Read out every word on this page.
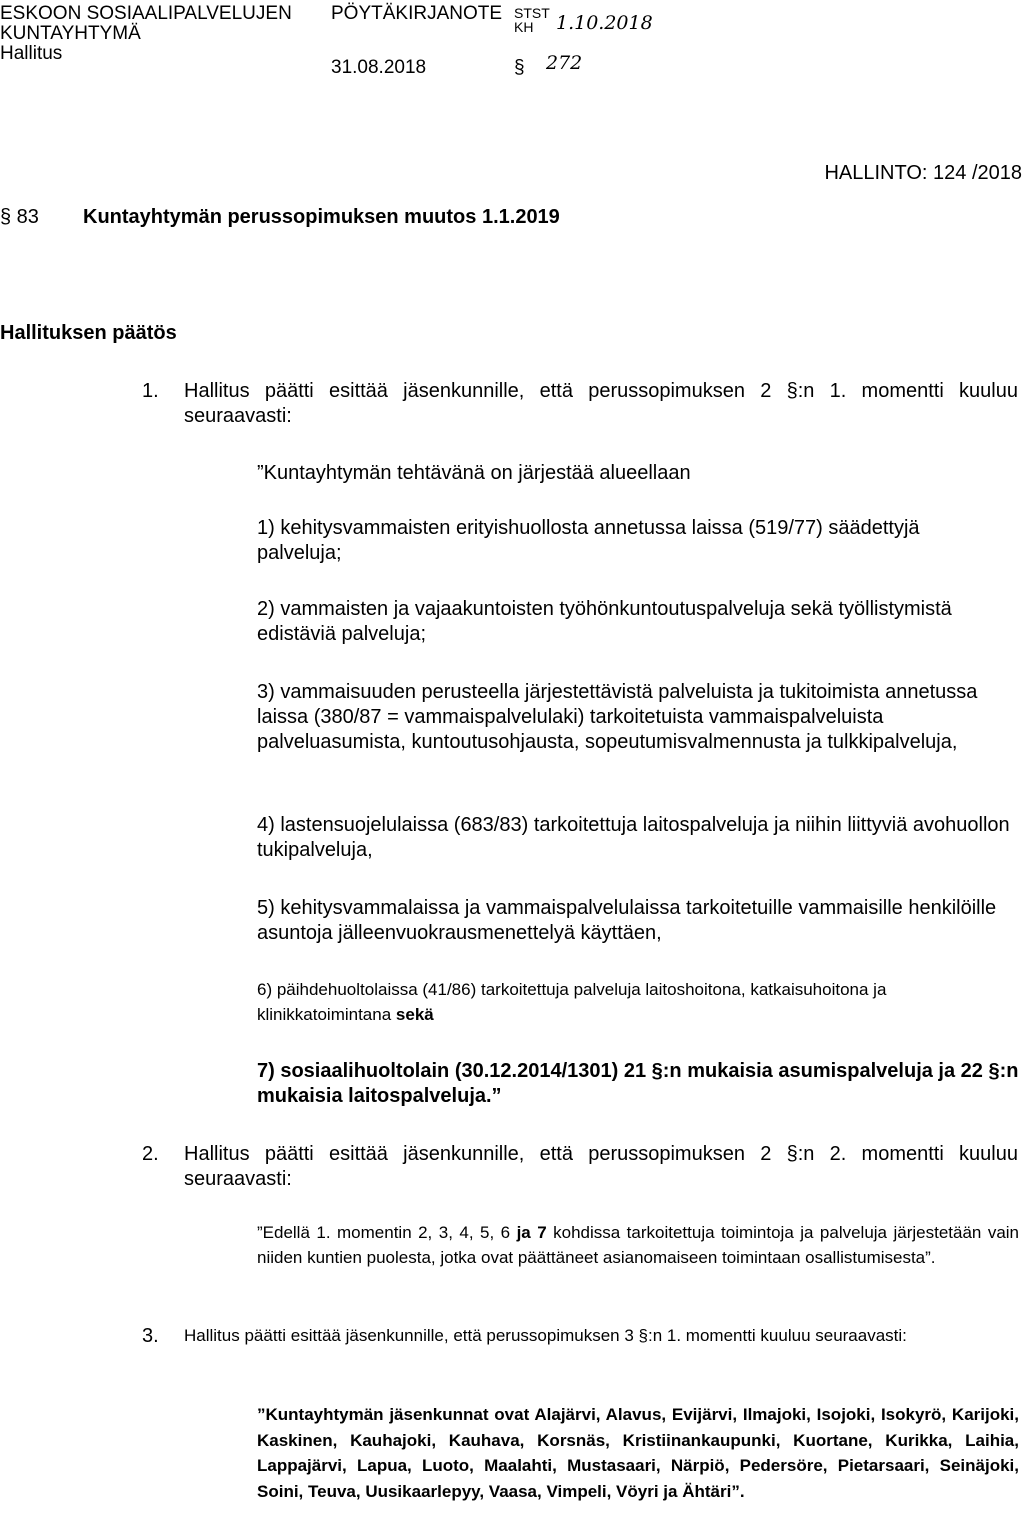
ESKOON SOSIAALIPALVELUJEN
KUNTAYHTYMÄ
Hallitus
PÖYTÄKIRJANOTE
31.08.2018
STST
KH 1.10.2018
§ 272
HALLINTO: 124 /2018
§ 83 Kuntayhtymän perussopimuksen muutos 1.1.2019
Hallituksen päätös
1. Hallitus päätti esittää jäsenkunnille, että perussopimuksen 2 §:n 1. momentti kuuluu seuraavasti:
”Kuntayhtymän tehtävänä on järjestää alueellaan
1) kehitysvammaisten erityishuollosta annetussa laissa (519/77) säädettyjä palveluja;
2) vammaisten ja vajaakuntoisten työhönkuntoutuspalveluja sekä työllistymistä edistäviä palveluja;
3) vammaisuuden perusteella järjestettävistä palveluista ja tukitoimista annetussa laissa (380/87 = vammaispalvelulaki) tarkoitetuista vammaispalveluista palveluasumista, kuntoutusohjausta, sopeutumisvalmennusta ja tulkkipalveluja,
4) lastensuojelulaissa (683/83) tarkoitettuja laitospalveluja ja niihin liittyviä avohuollon tukipalveluja,
5) kehitysvammalaissa ja vammaispalvelulaissa tarkoitetuille vammaisille henkilöille asuntoja jälleenvuokrausmenettelyä käyttäen,
6) päihdehuoltolaissa (41/86) tarkoitettuja palveluja laitoshoitona, katkaisuhoitona ja klinikkatoimintana sekä
7) sosiaalihuoltolain (30.12.2014/1301) 21 §:n mukaisia asumispalveluja ja 22 §:n mukaisia laitospalveluja.”
2. Hallitus päätti esittää jäsenkunnille, että perussopimuksen 2 §:n 2. momentti kuuluu seuraavasti:
”Edellä 1. momentin 2, 3, 4, 5, 6 ja 7 kohdissa tarkoitettuja toimintoja ja palveluja järjestetään vain niiden kuntien puolesta, jotka ovat päättäneet asianomaiseen toimintaan osallistumisesta”.
3. Hallitus päätti esittää jäsenkunnille, että perussopimuksen 3 §:n 1. momentti kuuluu seuraavasti:
”Kuntayhtymän jäsenkunnat ovat Alajärvi, Alavus, Evijärvi, Ilmajoki, Isojoki, Isokyrö, Karijoki, Kaskinen, Kauhajoki, Kauhava, Korsnäs, Kristiinankaupunki, Kuortane, Kurikka, Laihia, Lappajärvi, Lapua, Luoto, Maalahti, Mustasaari, Närpiö, Pedersöre, Pietarsaari, Seinäjoki, Soini, Teuva, Uusikaarlepyy, Vaasa, Vimpeli, Vöyri ja Ähtäri”.
